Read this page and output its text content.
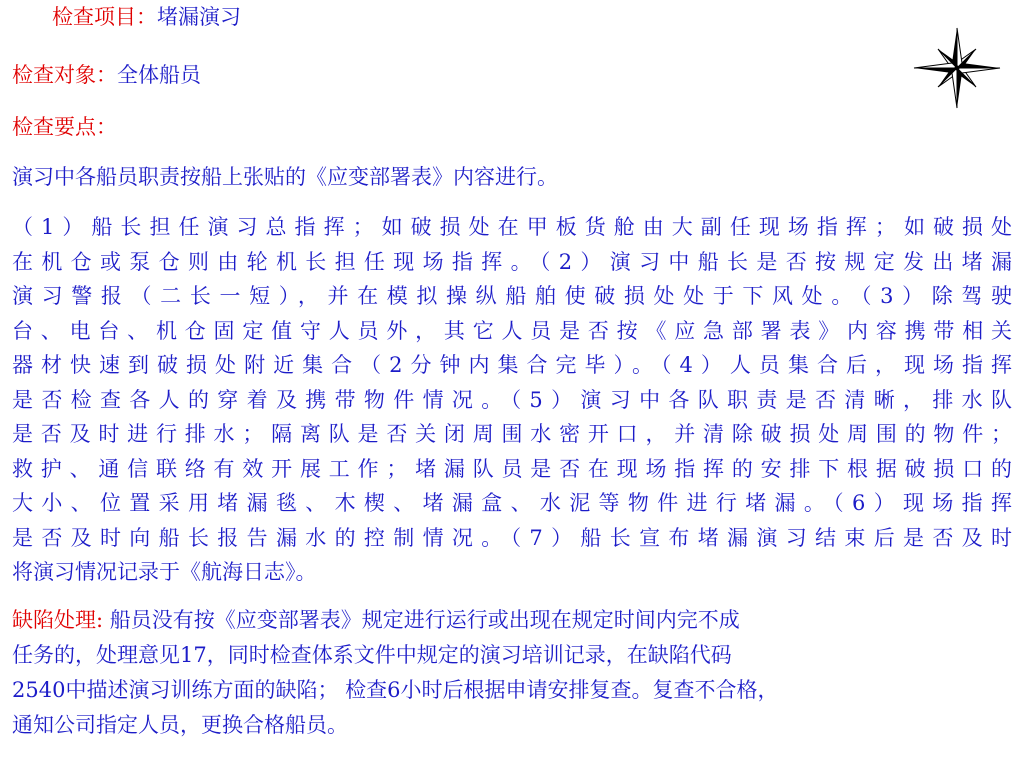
检查项目：堵漏演习
检查对象：全体船员
检查要点：
演习中各船员职责按船上张贴的《应变部署表》内容进行。
（1）船长担任演习总指挥；如破损处在甲板货舱由大副任现场指挥；如破损处
在机仓或泵仓则由轮机长担任现场指挥。（2）演习中船长是否按规定发出堵漏
演习警报（二长一短），并在模拟操纵船舶使破损处处于下风处。（3）除驾驶
台、电台、机仓固定值守人员外，其它人员是否按《应急部署表》内容携带相关
器材快速到破损处附近集合（2分钟内集合完毕）。（4）人员集合后，现场指挥
是否检查各人的穿着及携带物件情况。（5）演习中各队职责是否清晰，排水队
是否及时进行排水；隔离队是否关闭周围水密开口，并清除破损处周围的物件；
救护、通信联络有效开展工作；堵漏队员是否在现场指挥的安排下根据破损口的
大小、位置采用堵漏毯、木楔、堵漏盒、水泥等物件进行堵漏。（6）现场指挥
是否及时向船长报告漏水的控制情况。（7）船长宣布堵漏演习结束后是否及时
将演习情况记录于《航海日志》。
缺陷处理: 船员没有按《应变部署表》规定进行运行或出现在规定时间内完不成
任务的，处理意见17，同时检查体系文件中规定的演习培训记录，在缺陷代码
2540中描述演习训练方面的缺陷； 检查6小时后根据申请安排复查。复查不合格，
通知公司指定人员，更换合格船员。
